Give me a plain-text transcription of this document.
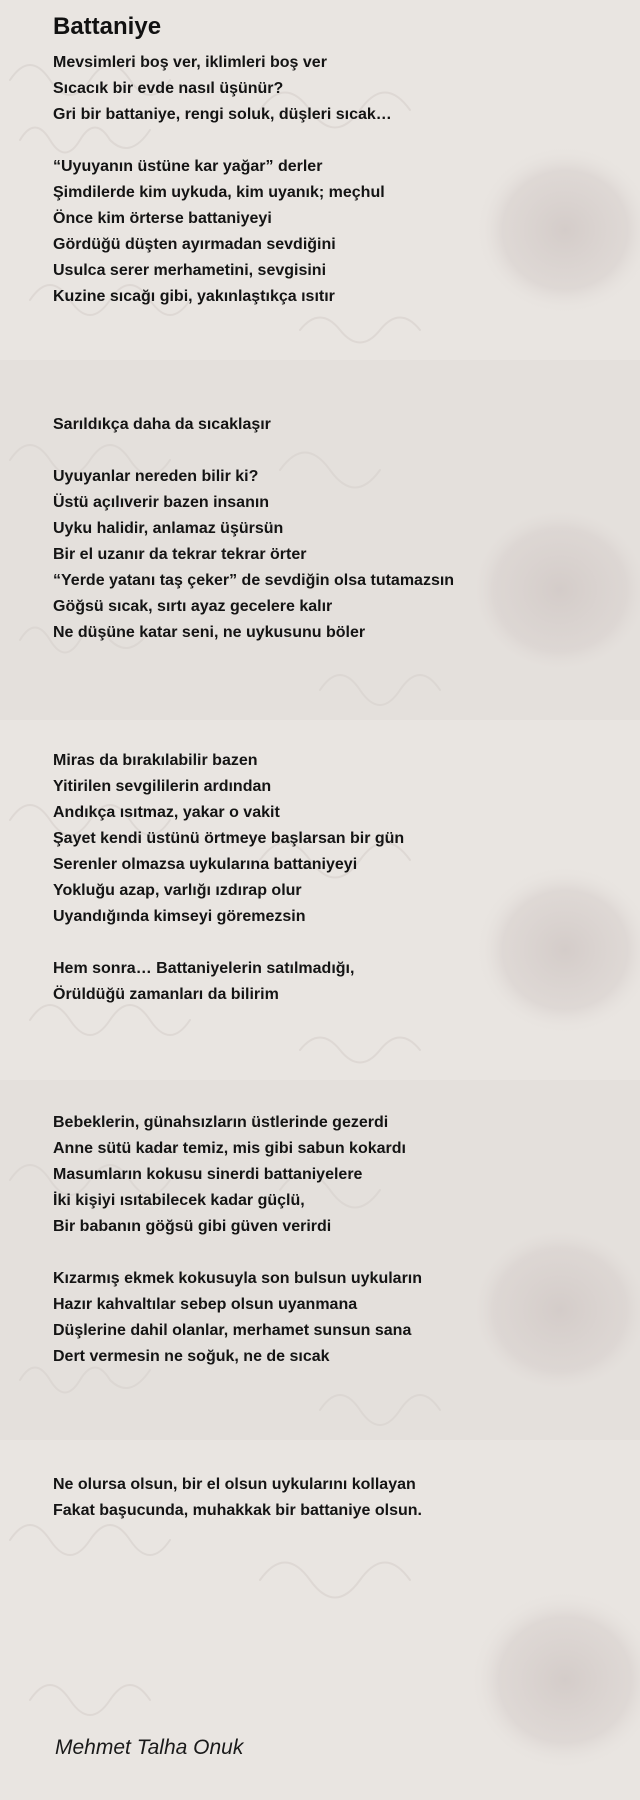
Battaniye
Mevsimleri boş ver, iklimleri boş ver
Sıcacık bir evde nasıl üşünür?
Gri bir battaniye, rengi soluk, düşleri sıcak…
“Uyuyanın üstüne kar yağar” derler
Şimdilerde kim uykuda, kim uyanık; meçhul
Önce kim örterse battaniyeyi
Gördüğü düşten ayırmadan sevdiğini
Usulca serer merhametini, sevgisini
Kuzine sıcağı gibi, yakınlaştıkça ısıtır
Sarıldıkça daha da sıcaklaşır
Uyuyanlar nereden bilir ki?
Üstü açılıverir bazen insanın
Uyku halidir, anlamaz üşürsün
Bir el uzanır da tekrar tekrar örter
“Yerde yatanı taş çeker” de sevdiğin olsa tutamazsın
Göğsü sıcak, sırtı ayaz gecelere kalır
Ne düşüne katar seni, ne uykusunu böler
Miras da bırakılabilir bazen
Yitirilen sevgililerin ardından
Andıkça ısıtmaz, yakar o vakit
Şayet kendi üstünü örtmeye başlarsan bir gün
Serenler olmazsa uykularına battaniyeyi
Yokluğu azap, varlığı ızdırap olur
Uyandığında kimseyi göremezsin
Hem sonra… Battaniyelerin satılmadığı,
Örüldüğü zamanları da bilirim
Bebeklerin, günahsızların üstlerinde gezerdi
Anne sütü kadar temiz, mis gibi sabun kokardı
Masumların kokusu sinerdi battaniyelere
İki kişiyi ısıtabilecek kadar güçlü,
Bir babanın göğsü gibi güven verirdi
Kızarmış ekmek kokusuyla son bulsun uykuların
Hazır kahvaltılar sebep olsun uyanmana
Düşlerine dahil olanlar, merhamet sunsun sana
Dert vermesin ne soğuk, ne de sıcak
Ne olursa olsun, bir el olsun uykularını kollayan
Fakat başucunda, muhakkak bir battaniye olsun.
Mehmet Talha Onuk
